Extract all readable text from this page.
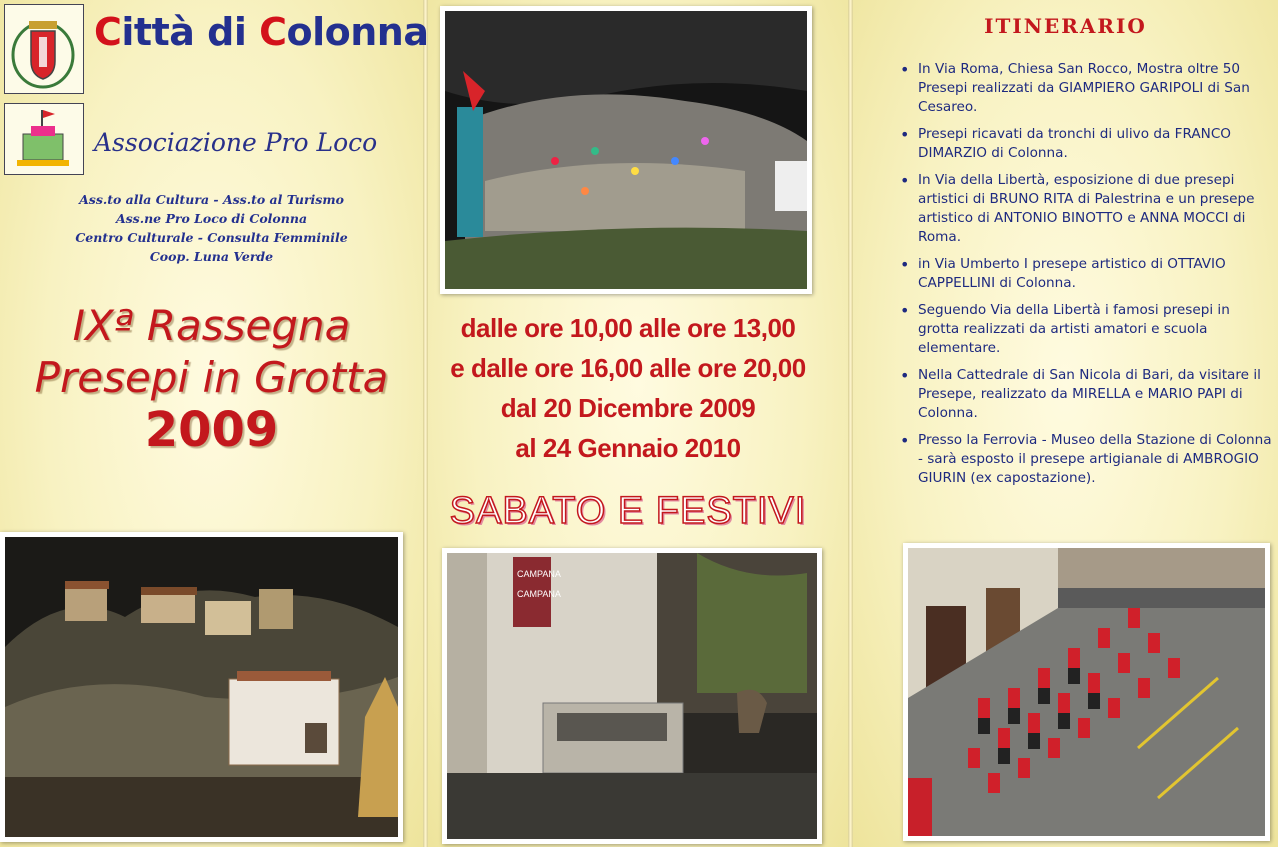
Città di Colonna
Associazione Pro Loco
Ass.to alla Cultura - Ass.to al Turismo
Ass.ne Pro Loco di Colonna
Centro Culturale - Consulta Femminile
Coop. Luna Verde
IXª Rassegna
Presepi in Grotta
2009
dalle ore 10,00 alle ore 13,00
e dalle ore 16,00 alle ore 20,00
dal 20 Dicembre 2009
al 24 Gennaio 2010
SABATO E FESTIVI
CAMPANA
CAMPANA
ITINERARIO
• In Via Roma, Chiesa San Rocco, Mostra oltre 50 Presepi realizzati da GIAMPIERO GARIPOLI di San Cesareo.
• Presepi ricavati da tronchi di ulivo da FRANCO DIMARZIO di Colonna.
• In Via della Libertà, esposizione di due presepi artistici di BRUNO RITA di Palestrina e un presepe artistico di ANTONIO BINOTTO e ANNA MOCCI di Roma.
• in Via Umberto I presepe artistico di OTTAVIO CAPPELLINI di Colonna.
• Seguendo Via della Libertà i famosi presepi in grotta realizzati da artisti amatori e scuola elementare.
• Nella Cattedrale di San Nicola di Bari, da visitare il Presepe, realizzato da MIRELLA e MARIO PAPI di Colonna.
• Presso la Ferrovia - Museo della Stazione di Colonna - sarà esposto il presepe artigianale di AMBROGIO GIURIN (ex capostazione).
